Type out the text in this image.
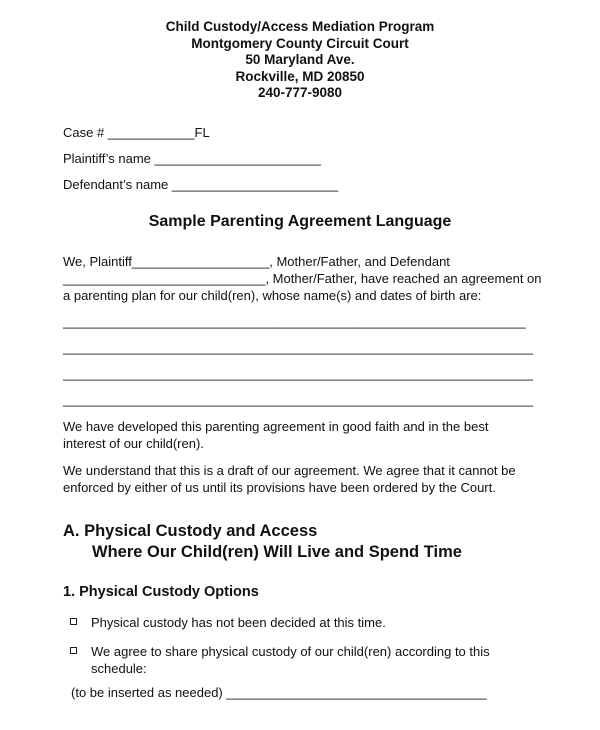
Child Custody/Access Mediation Program
Montgomery County Circuit Court
50 Maryland Ave.
Rockville, MD 20850
240-777-9080
Case # ____________FL
Plaintiff’s name _______________________
Defendant’s name _______________________
Sample Parenting Agreement Language
We, Plaintiff___________________, Mother/Father, and Defendant
____________________________, Mother/Father, have reached an agreement on
a parenting plan for our child(ren), whose name(s) and dates of birth are:
________________________________________________________________
_________________________________________________________________
_________________________________________________________________
_________________________________________________________________
We have developed this parenting agreement in good faith and in the best
interest of our child(ren).
We understand that this is a draft of our agreement. We agree that it cannot be
enforced by either of us until its provisions have been ordered by the Court.
A. Physical Custody and Access
Where Our Child(ren) Will Live and Spend Time
1. Physical Custody Options
Physical custody has not been decided at this time.
We agree to share physical custody of our child(ren) according to this
schedule:
(to be inserted as needed) ____________________________________
